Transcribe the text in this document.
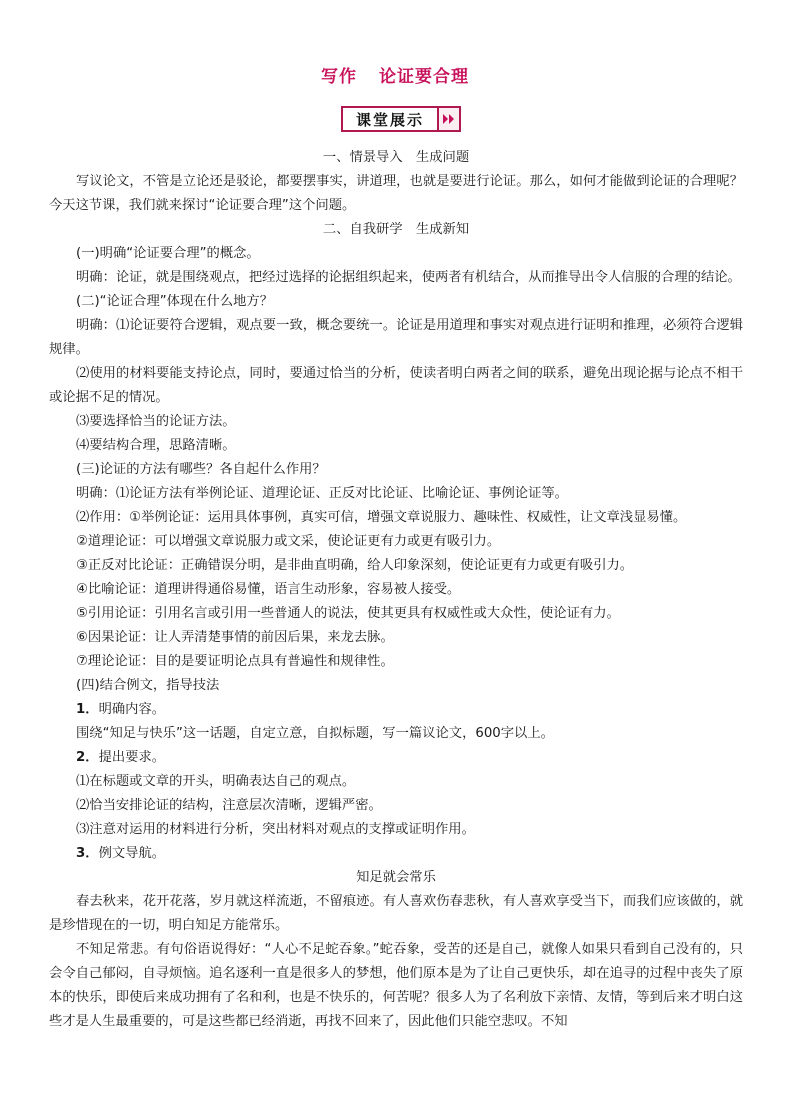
写作 论证要合理
课堂展示

一、情景导入　生成问题

写议论文，不管是立论还是驳论，都要摆事实，讲道理，也就是要进行论证。那么，如何才能做到论证的合理呢？今天这节课，我们就来探讨“论证要合理”这个问题。

二、自我研学　生成新知

(一)明确“论证要合理”的概念。

明确：论证，就是围绕观点，把经过选择的论据组织起来，使两者有机结合，从而推导出令人信服的合理的结论。

(二)“论证合理”体现在什么地方？

明确：⑴论证要符合逻辑，观点要一致，概念要统一。论证是用道理和事实对观点进行证明和推理，必须符合逻辑规律。

⑵使用的材料要能支持论点，同时，要通过恰当的分析，使读者明白两者之间的联系，避免出现论据与论点不相干或论据不足的情况。

⑶要选择恰当的论证方法。

⑷要结构合理，思路清晰。

(三)论证的方法有哪些？各自起什么作用？

明确：⑴论证方法有举例论证、道理论证、正反对比论证、比喻论证、事例论证等。

⑵作用：①举例论证：运用具体事例，真实可信，增强文章说服力、趣味性、权威性，让文章浅显易懂。

②道理论证：可以增强文章说服力或文采，使论证更有力或更有吸引力。

③正反对比论证：正确错误分明，是非曲直明确，给人印象深刻，使论证更有力或更有吸引力。

④比喻论证：道理讲得通俗易懂，语言生动形象，容易被人接受。

⑤引用论证：引用名言或引用一些普通人的说法，使其更具有权威性或大众性，使论证有力。

⑥因果论证：让人弄清楚事情的前因后果，来龙去脉。

⑦理论论证：目的是要证明论点具有普遍性和规律性。

(四)结合例文，指导技法

1．明确内容。

围绕“知足与快乐”这一话题，自定立意，自拟标题，写一篇议论文，600字以上。

2．提出要求。

⑴在标题或文章的开头，明确表达自己的观点。

⑵恰当安排论证的结构，注意层次清晰，逻辑严密。

⑶注意对运用的材料进行分析，突出材料对观点的支撑或证明作用。

3．例文导航。

知足就会常乐

春去秋来，花开花落，岁月就这样流逝，不留痕迹。有人喜欢伤春悲秋，有人喜欢享受当下，而我们应该做的，就是珍惜现在的一切，明白知足方能常乐。

不知足常悲。有句俗语说得好：“人心不足蛇吞象。”蛇吞象，受苦的还是自己，就像人如果只看到自己没有的，只会令自己郁闷，自寻烦恼。追名逐利一直是很多人的梦想，他们原本是为了让自己更快乐，却在追寻的过程中丧失了原本的快乐，即使后来成功拥有了名和利，也是不快乐的，何苦呢？很多人为了名利放下亲情、友情，等到后来才明白这些才是人生最重要的，可是这些都已经消逝，再找不回来了，因此他们只能空悲叹。不知
